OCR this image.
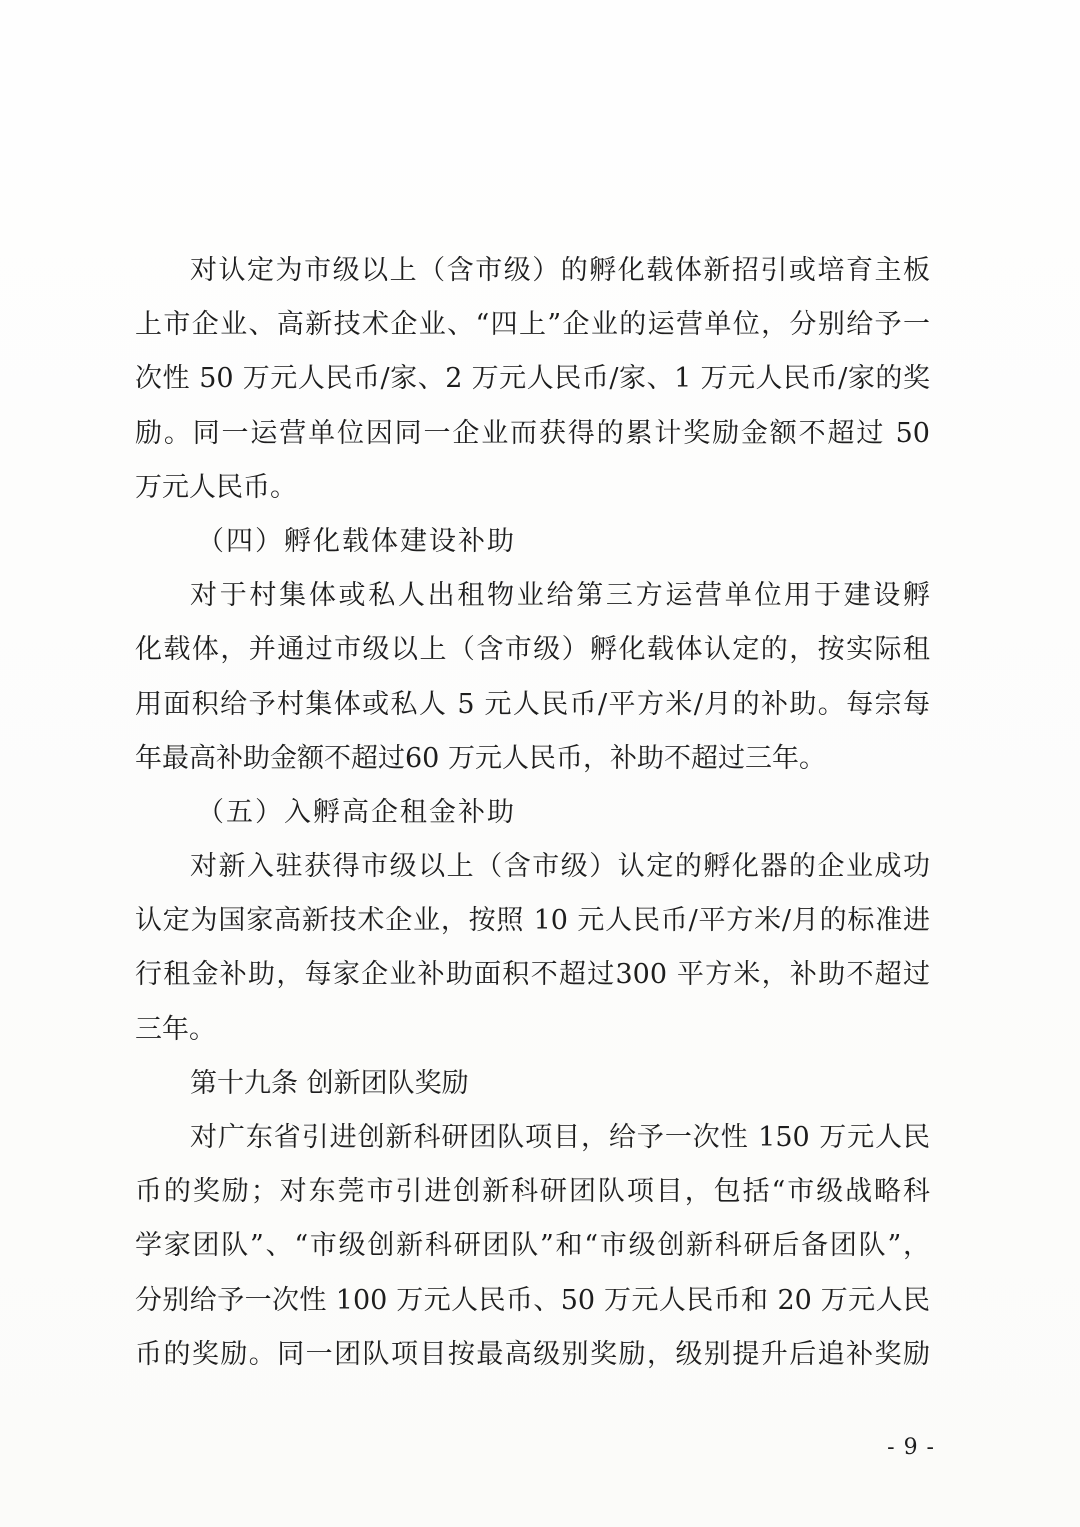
对认定为市级以上（含市级）的孵化载体新招引或培育主板
上市企业、高新技术企业、“四上”企业的运营单位，分别给予一
次性 50 万元人民币/家、2 万元人民币/家、1 万元人民币/家的奖
励。同一运营单位因同一企业而获得的累计奖励金额不超过 50
万元人民币。
（四）孵化载体建设补助
对于村集体或私人出租物业给第三方运营单位用于建设孵
化载体，并通过市级以上（含市级）孵化载体认定的，按实际租
用面积给予村集体或私人 5 元人民币/平方米/月的补助。每宗每
年最高补助金额不超过60 万元人民币，补助不超过三年。
（五）入孵高企租金补助
对新入驻获得市级以上（含市级）认定的孵化器的企业成功
认定为国家高新技术企业，按照 10 元人民币/平方米/月的标准进
行租金补助，每家企业补助面积不超过300 平方米，补助不超过
三年。
第十九条 创新团队奖励
对广东省引进创新科研团队项目，给予一次性 150 万元人民
币的奖励；对东莞市引进创新科研团队项目，包括“市级战略科
学家团队”、“市级创新科研团队”和“市级创新科研后备团队”，
分别给予一次性 100 万元人民币、50 万元人民币和 20 万元人民
币的奖励。同一团队项目按最高级别奖励，级别提升后追补奖励
- 9 -
